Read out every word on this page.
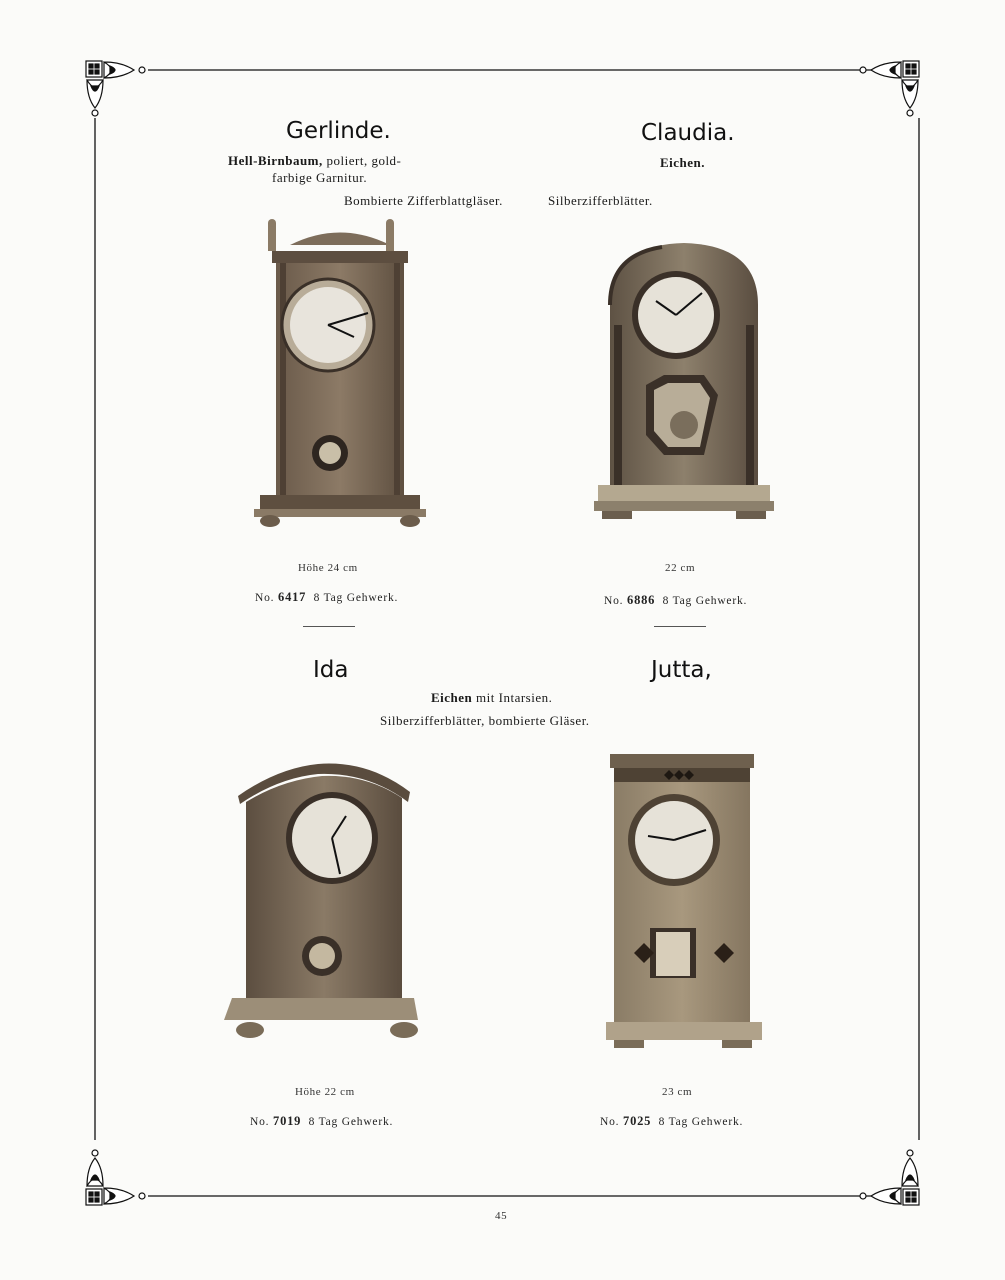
Gerlinde.	Claudia.
Hell-Birnbaum, poliert, gold-
farbige Garnitur.
Eichen.
Bombierte Zifferblattgläser.	Silberzifferblätter.
Höhe 24 cm	22 cm
No. 6417 8 Tag Gehwerk.	No. 6886 8 Tag Gehwerk.
Ida	Jutta,
Eichen mit Intarsien.
Silberzifferblätter, bombierte Gläser.
Höhe 22 cm	23 cm
No. 7019 8 Tag Gehwerk.	No. 7025 8 Tag Gehwerk.
45
